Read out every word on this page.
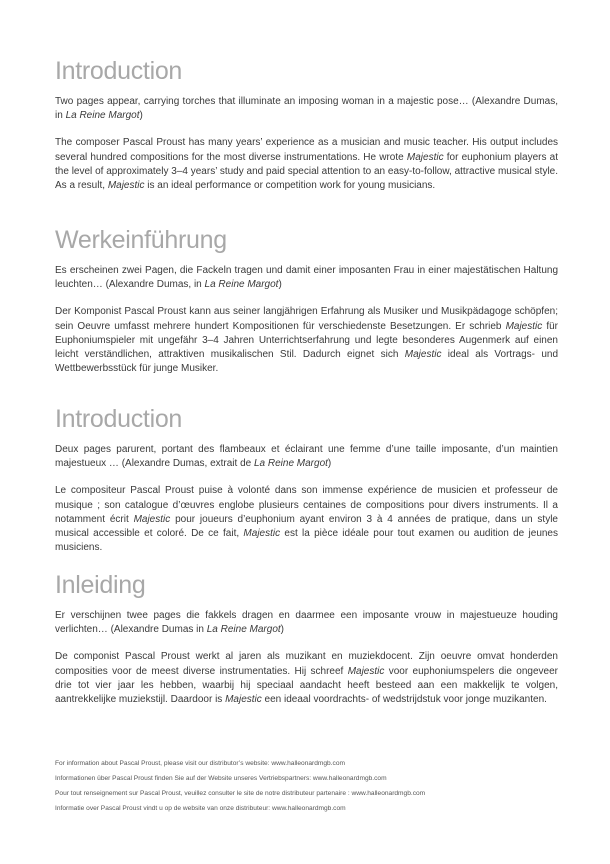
Introduction

Two pages appear, carrying torches that illuminate an imposing woman in a majestic pose… (Alexandre Dumas, in La Reine Margot)

The composer Pascal Proust has many years’ experience as a musician and music teacher. His output includes several hundred compositions for the most diverse instrumentations. He wrote Majestic for euphonium players at the level of approximately 3–4 years’ study and paid special attention to an easy-to-follow, attractive musical style. As a result, Majestic is an ideal performance or competition work for young musicians.

Werkeinführung

Es erscheinen zwei Pagen, die Fackeln tragen und damit einer imposanten Frau in einer majestätischen Haltung leuchten… (Alexandre Dumas, in La Reine Margot)

Der Komponist Pascal Proust kann aus seiner langjährigen Erfahrung als Musiker und Musikpädagoge schöpfen; sein Oeuvre umfasst mehrere hundert Kompositionen für verschiedenste Besetzungen. Er schrieb Majestic für Euphoniumspieler mit ungefähr 3–4 Jahren Unterrichtserfahrung und legte besonderes Augenmerk auf einen leicht verständlichen, attraktiven musikalischen Stil. Dadurch eignet sich Majestic ideal als Vortrags- und Wettbewerbsstück für junge Musiker.

Introduction

Deux pages parurent, portant des flambeaux et éclairant une femme d’une taille imposante, d’un maintien majestueux … (Alexandre Dumas, extrait de La Reine Margot)

Le compositeur Pascal Proust puise à volonté dans son immense expérience de musicien et professeur de musique ; son catalogue d’œuvres englobe plusieurs centaines de compositions pour divers instruments. Il a notamment écrit Majestic pour joueurs d’euphonium ayant environ 3 à 4 années de pratique, dans un style musical accessible et coloré. De ce fait, Majestic est la pièce idéale pour tout examen ou audition de jeunes musiciens.

Inleiding

Er verschijnen twee pages die fakkels dragen en daarmee een imposante vrouw in majestueuze houding verlichten… (Alexandre Dumas in La Reine Margot)

De componist Pascal Proust werkt al jaren als muzikant en muziekdocent. Zijn oeuvre omvat honderden composities voor de meest diverse instrumentaties. Hij schreef Majestic voor euphoniumspelers die ongeveer drie tot vier jaar les hebben, waarbij hij speciaal aandacht heeft besteed aan een makkelijk te volgen, aantrekkelijke muziekstijl. Daardoor is Majestic een ideaal voordrachts- of wedstrijdstuk voor jonge muzikanten.

For information about Pascal Proust, please visit our distributor’s website: www.halleonardmgb.com
Informationen über Pascal Proust finden Sie auf der Website unseres Vertriebspartners: www.halleonardmgb.com
Pour tout renseignement sur Pascal Proust, veuillez consulter le site de notre distributeur partenaire : www.halleonardmgb.com
Informatie over Pascal Proust vindt u op de website van onze distributeur: www.halleonardmgb.com
